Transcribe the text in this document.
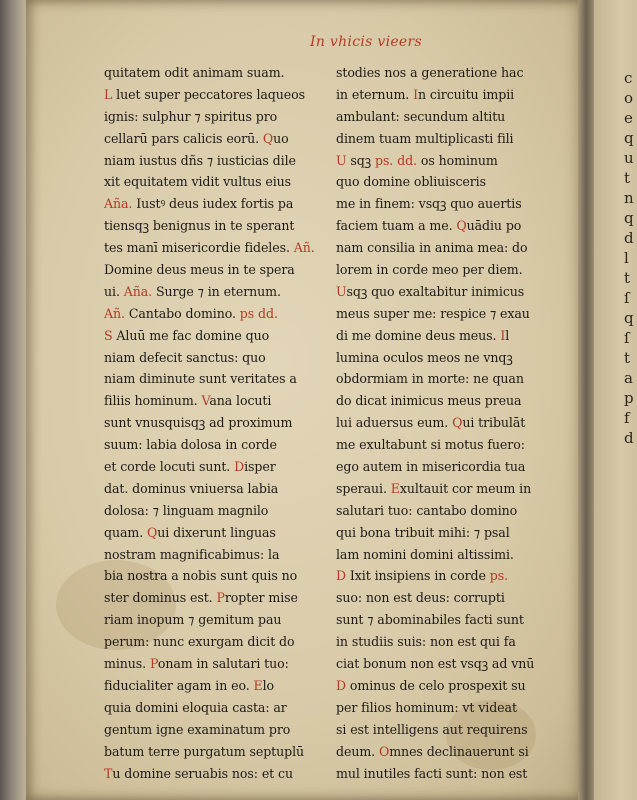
c
o
e
q
u
t
n
q
d
l
t
ſ
q
ſ
t
a
p
f
d
In vhicis vieers
quitatem odit animam suam.
L luet super peccatores laqueos
ignis: sulphur ⁊ spiritus pro
cellarū pars calicis eorū. Quo
niam iustus dñs ⁊ iusticias dile
xit equitatem vidit vultus eius
Aña. Iustꝰ deus iudex fortis pa
tiensqꝫ benignus in te sperant
tes manī misericordie fideles. Añ.
Domine deus meus in te spera
ui. Aña. Surge ⁊ in eternum.
Añ. Cantabo domino. ps dd.
S Aluū me fac domine quo
niam defecit sanctus: quo
niam diminute sunt veritates a
filiis hominum. Vana locuti
sunt vnusquisqꝫ ad proximum
suum: labia dolosa in corde
et corde locuti sunt. Disper
dat. dominus vniuersa labia
dolosa: ⁊ linguam magnilo
quam. Qui dixerunt linguas
nostram magnificabimus: la
bia nostra a nobis sunt quis no
ster dominus est. Propter mise
riam inopum ⁊ gemitum pau
perum: nunc exurgam dicit do
minus. Ponam in salutari tuo:
fiducialiter agam in eo. Elo
quia domini eloquia casta: ar
gentum igne examinatum pro
batum terre purgatum septuplū
Tu domine seruabis nos: et cu
stodies nos a generatione hac
in eternum. In circuitu impii
ambulant: secundum altitu
dinem tuam multiplicasti fili
U sqꝫ ps. dd. os hominum
quo domine obliuisceris
me in finem: vsqꝫ quo auertis
faciem tuam a me. Quādiu po
nam consilia in anima mea: do
lorem in corde meo per diem.
Usqꝫ quo exaltabitur inimicus
meus super me: respice ⁊ exau
di me domine deus meus. Il
lumina oculos meos ne vnqꝫ
obdormiam in morte: ne quan
do dicat inimicus meus preua
lui aduersus eum. Qui tribulāt
me exultabunt si motus fuero:
ego autem in misericordia tua
speraui. Exultauit cor meum in
salutari tuo: cantabo domino
qui bona tribuit mihi: ⁊ psal
lam nomini domini altissimi.
D Ixit insipiens in corde ps.
suo: non est deus: corrupti
sunt ⁊ abominabiles facti sunt
in studiis suis: non est qui fa
ciat bonum non est vsqꝫ ad vnū
D ominus de celo prospexit su
per filios hominum: vt videat
si est intelligens aut requirens
deum. Omnes declinauerunt si
mul inutiles facti sunt: non est
